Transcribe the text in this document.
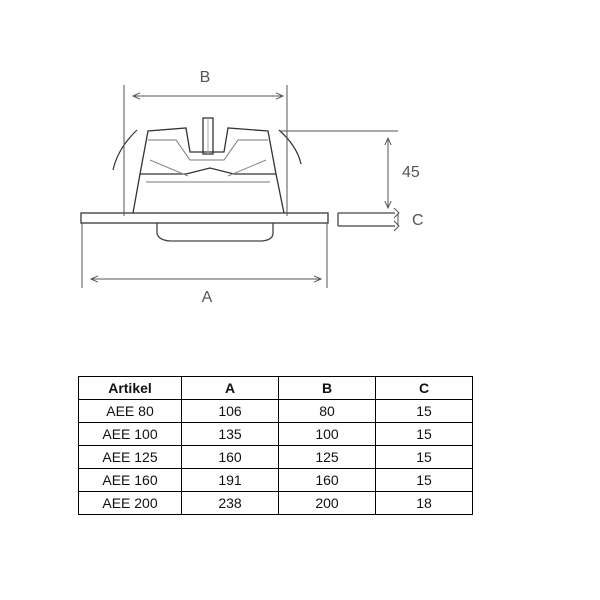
B
45
C
A
Artikel	A	B	C
AEE 80	106	80	15
AEE 100	135	100	15
AEE 125	160	125	15
AEE 160	191	160	15
AEE 200	238	200	18
